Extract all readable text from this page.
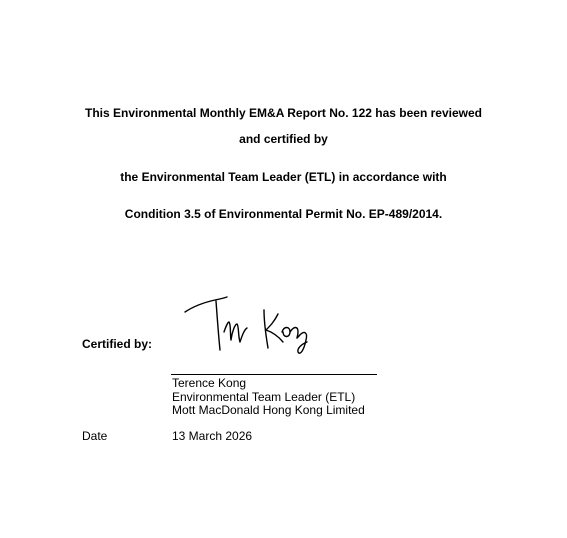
This Environmental Monthly EM&A Report No. 122 has been reviewed
and certified by
the Environmental Team Leader (ETL) in accordance with
Condition 3.5 of Environmental Permit No. EP-489/2014.
Certified by:
Terence Kong
Environmental Team Leader (ETL)
Mott MacDonald Hong Kong Limited
Date	13 March 2026
